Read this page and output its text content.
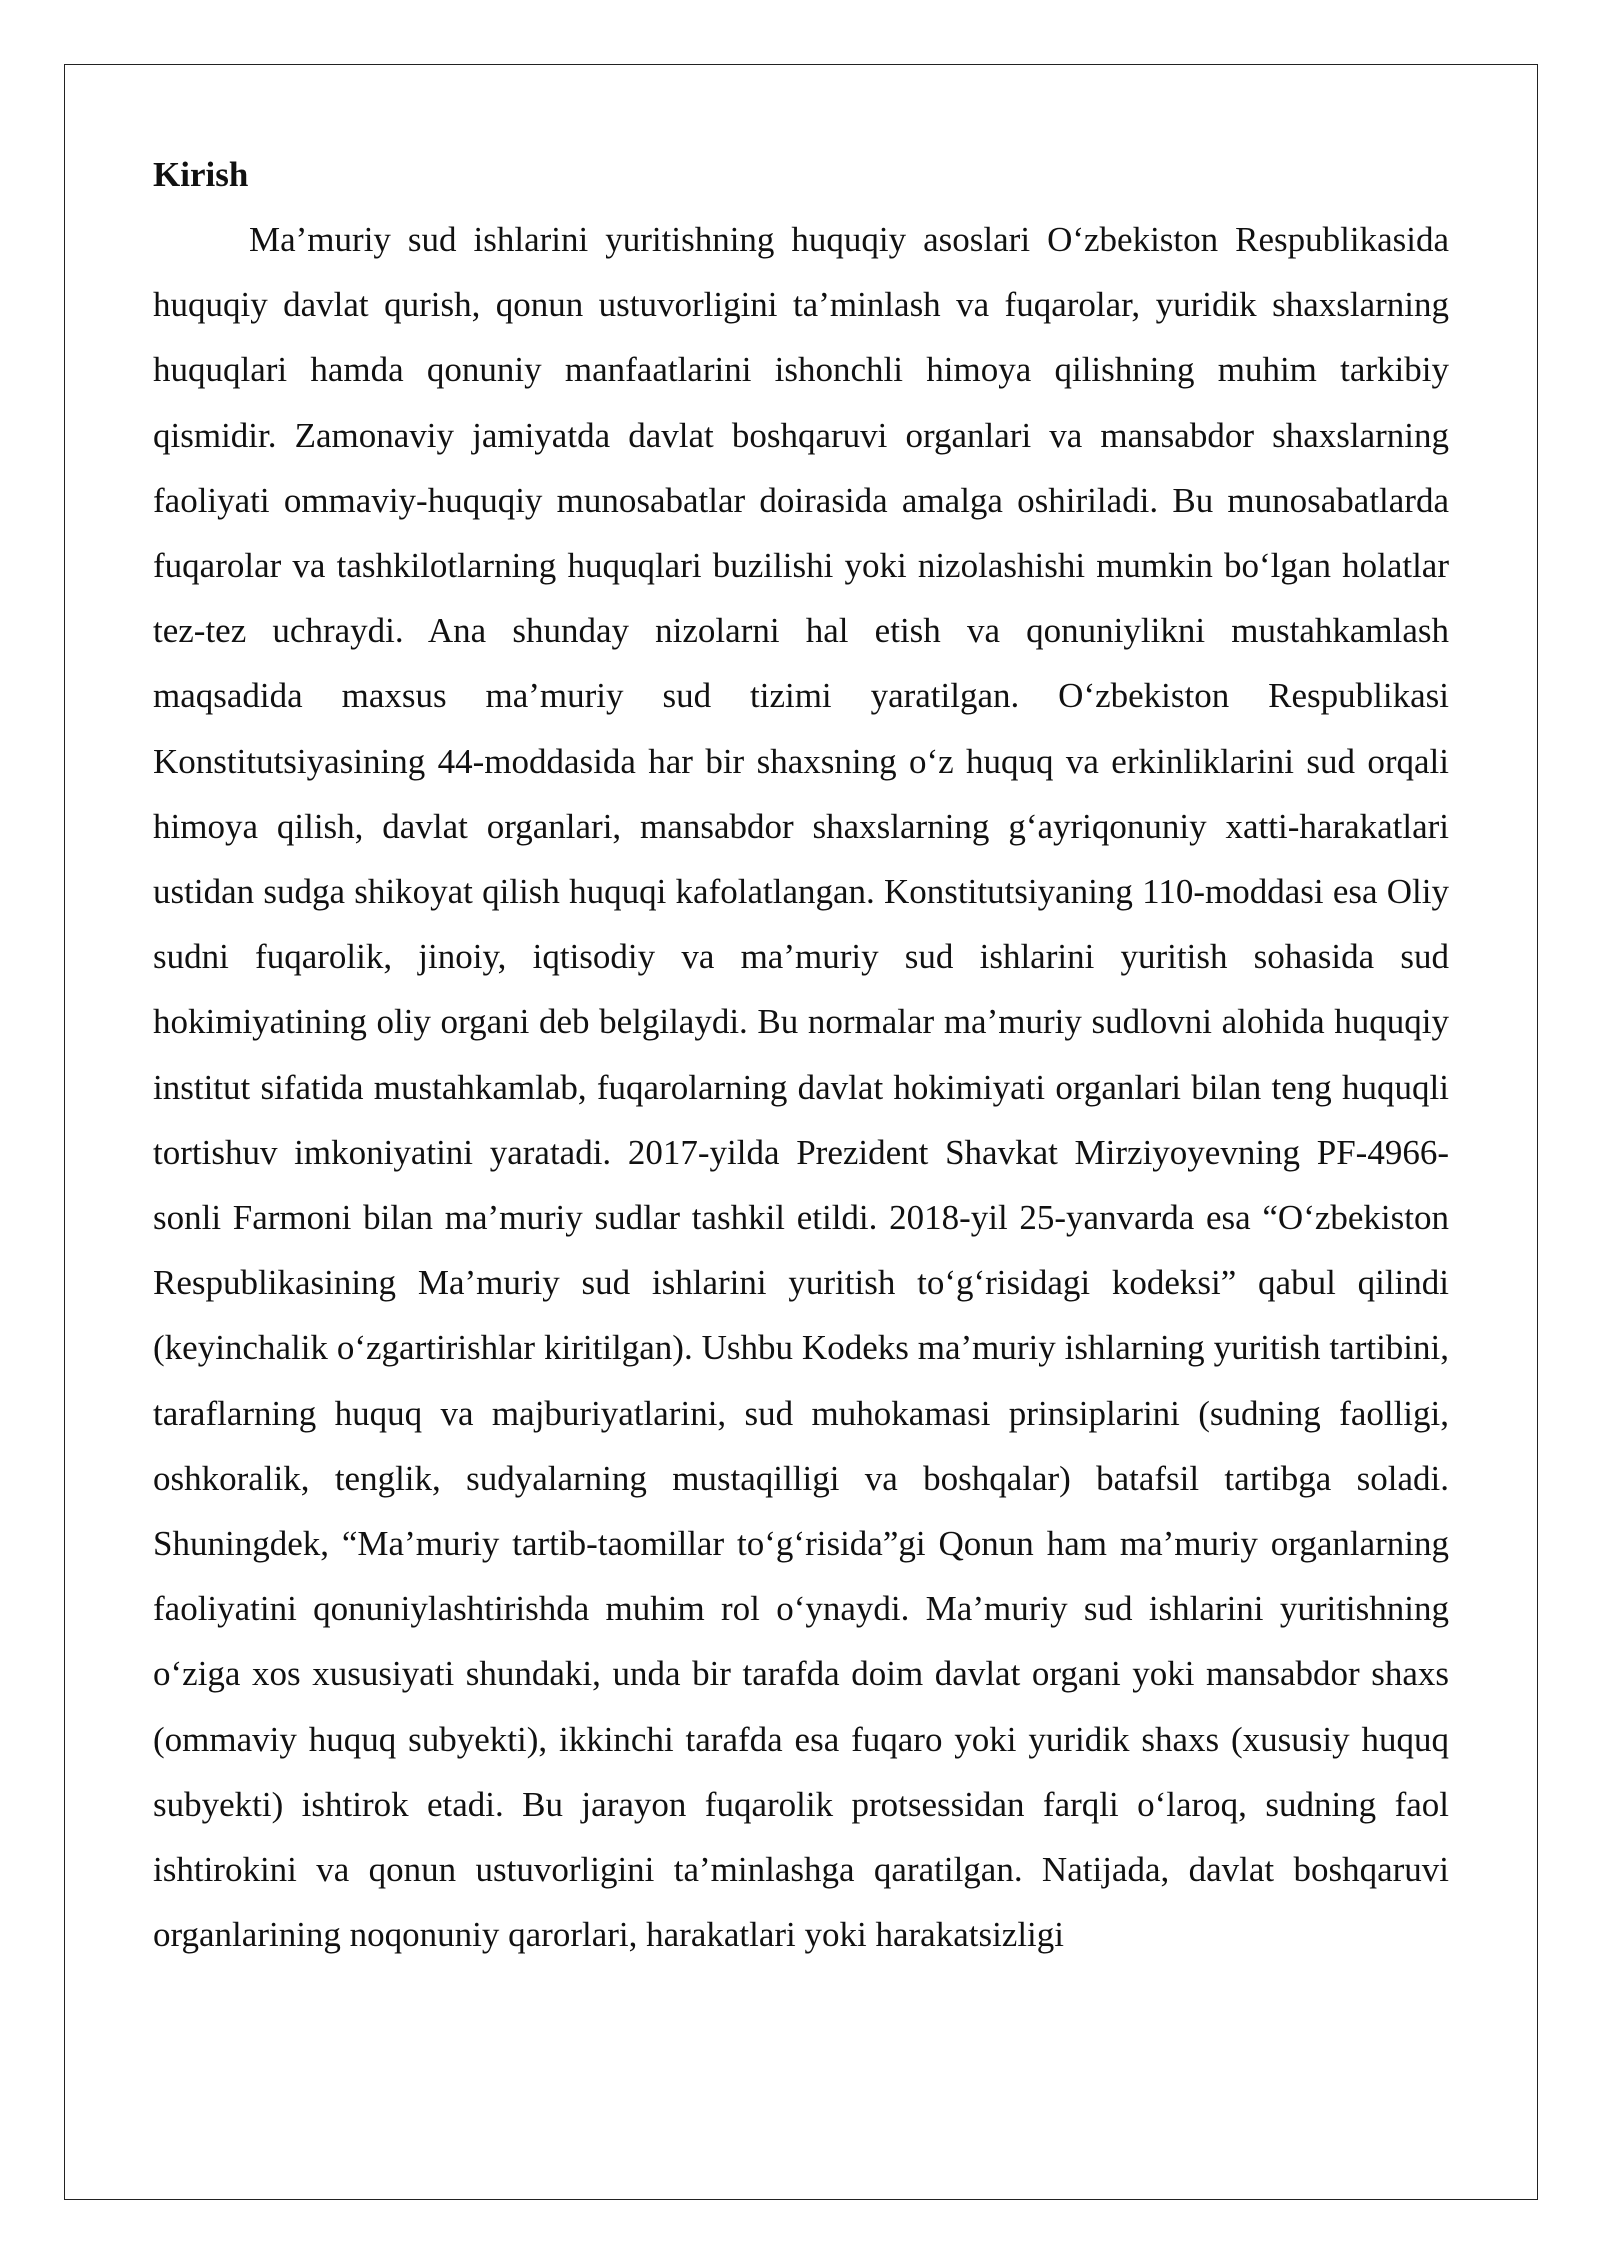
Kirish

Ma’muriy sud ishlarini yuritishning huquqiy asoslari O‘zbekiston Respublikasida huquqiy davlat qurish, qonun ustuvorligini ta’minlash va fuqarolar, yuridik shaxslarning huquqlari hamda qonuniy manfaatlarini ishonchli himoya qilishning muhim tarkibiy qismidir. Zamonaviy jamiyatda davlat boshqaruvi organlari va mansabdor shaxslarning faoliyati ommaviy-huquqiy munosabatlar doirasida amalga oshiriladi. Bu munosabatlarda fuqarolar va tashkilotlarning huquqlari buzilishi yoki nizolashishi mumkin bo‘lgan holatlar tez-tez uchraydi. Ana shunday nizolarni hal etish va qonuniylikni mustahkamlash maqsadida maxsus ma’muriy sud tizimi yaratilgan. O‘zbekiston Respublikasi Konstitutsiyasining 44-moddasida har bir shaxsning o‘z huquq va erkinliklarini sud orqali himoya qilish, davlat organlari, mansabdor shaxslarning g‘ayriqonuniy xatti-harakatlari ustidan sudga shikoyat qilish huquqi kafolatlangan. Konstitutsiyaning 110-moddasi esa Oliy sudni fuqarolik, jinoiy, iqtisodiy va ma’muriy sud ishlarini yuritish sohasida sud hokimiyatining oliy organi deb belgilaydi. Bu normalar ma’muriy sudlovni alohida huquqiy institut sifatida mustahkamlab, fuqarolarning davlat hokimiyati organlari bilan teng huquqli tortishuv imkoniyatini yaratadi. 2017-yilda Prezident Shavkat Mirziyoyevning PF-4966-sonli Farmoni bilan ma’muriy sudlar tashkil etildi. 2018-yil 25-yanvarda esa “O‘zbekiston Respublikasining Ma’muriy sud ishlarini yuritish to‘g‘risidagi kodeksi” qabul qilindi (keyinchalik o‘zgartirishlar kiritilgan). Ushbu Kodeks ma’muriy ishlarning yuritish tartibini, taraflarning huquq va majburiyatlarini, sud muhokamasi prinsiplarini (sudning faolligi, oshkoralik, tenglik, sudyalarning mustaqilligi va boshqalar) batafsil tartibga soladi. Shuningdek, “Ma’muriy tartib-taomillar to‘g‘risida”gi Qonun ham ma’muriy organlarning faoliyatini qonuniylashtirishda muhim rol o‘ynaydi. Ma’muriy sud ishlarini yuritishning o‘ziga xos xususiyati shundaki, unda bir tarafda doim davlat organi yoki mansabdor shaxs (ommaviy huquq subyekti), ikkinchi tarafda esa fuqaro yoki yuridik shaxs (xususiy huquq subyekti) ishtirok etadi. Bu jarayon fuqarolik protsessidan farqli o‘laroq, sudning faol ishtirokini va qonun ustuvorligini ta’minlashga qaratilgan. Natijada, davlat boshqaruvi organlarining noqonuniy qarorlari, harakatlari yoki harakatsizligi
